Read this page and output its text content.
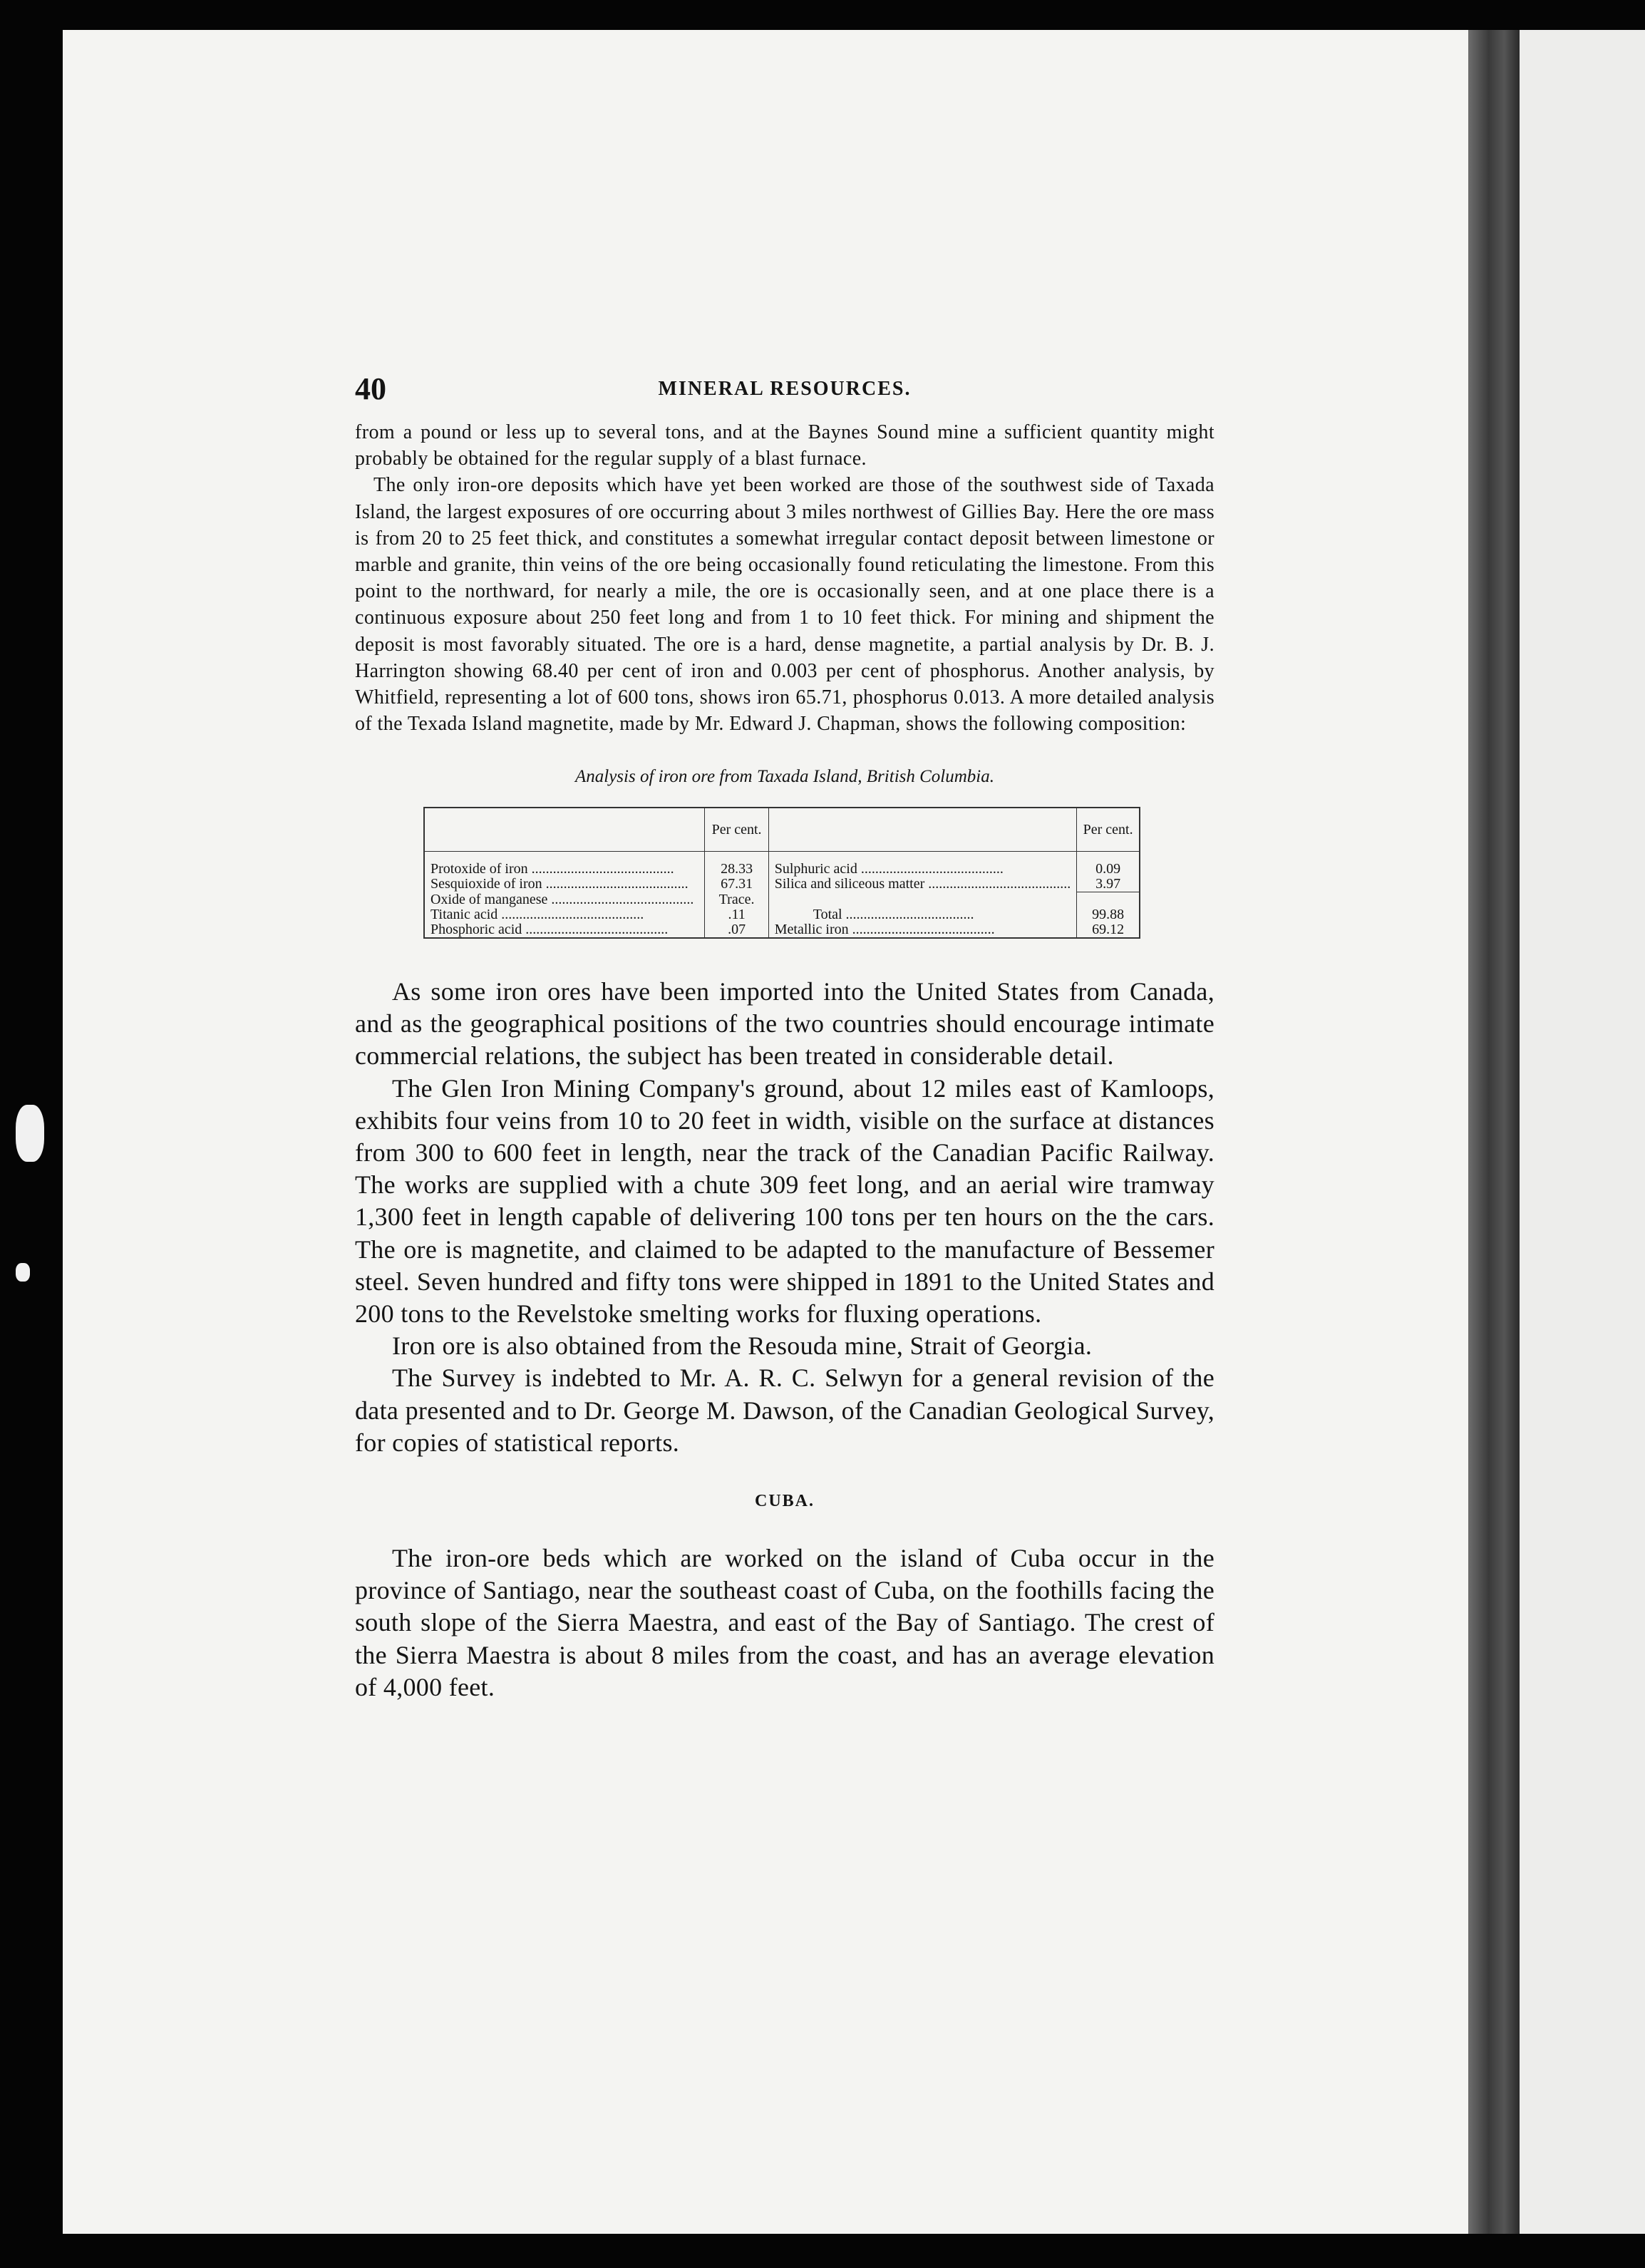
40	MINERAL RESOURCES.

from a pound or less up to several tons, and at the Baynes Sound mine a sufficient quantity might probably be obtained for the regular supply of a blast furnace.

The only iron-ore deposits which have yet been worked are those of the southwest side of Taxada Island, the largest exposures of ore occurring about 3 miles northwest of Gillies Bay. Here the ore mass is from 20 to 25 feet thick, and constitutes a somewhat irregular contact deposit between limestone or marble and granite, thin veins of the ore being occasionally found reticulating the limestone. From this point to the northward, for nearly a mile, the ore is occasionally seen, and at one place there is a continuous exposure about 250 feet long and from 1 to 10 feet thick. For mining and shipment the deposit is most favorably situated. The ore is a hard, dense magnetite, a partial analysis by Dr. B. J. Harrington showing 68.40 per cent of iron and 0.003 per cent of phosphorus. Another analysis, by Whitfield, representing a lot of 600 tons, shows iron 65.71, phosphorus 0.013. A more detailed analysis of the Texada Island magnetite, made by Mr. Edward J. Chapman, shows the following composition:

Analysis of iron ore from Taxada Island, British Columbia.
	Per cent.		Per cent.

Protoxide of iron ........................................	28.33	Sulphuric acid ........................................	0.09
Sesquioxide of iron ........................................	67.31	Silica and siliceous matter ........................................	3.97
Oxide of manganese ........................................	Trace.		
Titanic acid ........................................	.11	Total ....................................	99.88
Phosphoric acid ........................................	.07	Metallic iron ........................................	69.12

As some iron ores have been imported into the United States from Canada, and as the geographical positions of the two countries should encourage intimate commercial relations, the subject has been treated in considerable detail.

The Glen Iron Mining Company's ground, about 12 miles east of Kamloops, exhibits four veins from 10 to 20 feet in width, visible on the surface at distances from 300 to 600 feet in length, near the track of the Canadian Pacific Railway. The works are supplied with a chute 309 feet long, and an aerial wire tramway 1,300 feet in length capable of delivering 100 tons per ten hours on the the cars. The ore is magnetite, and claimed to be adapted to the manufacture of Bessemer steel. Seven hundred and fifty tons were shipped in 1891 to the United States and 200 tons to the Revelstoke smelting works for fluxing operations.

Iron ore is also obtained from the Resouda mine, Strait of Georgia.

The Survey is indebted to Mr. A. R. C. Selwyn for a general revision of the data presented and to Dr. George M. Dawson, of the Canadian Geological Survey, for copies of statistical reports.

CUBA.

The iron-ore beds which are worked on the island of Cuba occur in the province of Santiago, near the southeast coast of Cuba, on the foothills facing the south slope of the Sierra Maestra, and east of the Bay of Santiago. The crest of the Sierra Maestra is about 8 miles from the coast, and has an average elevation of 4,000 feet.
